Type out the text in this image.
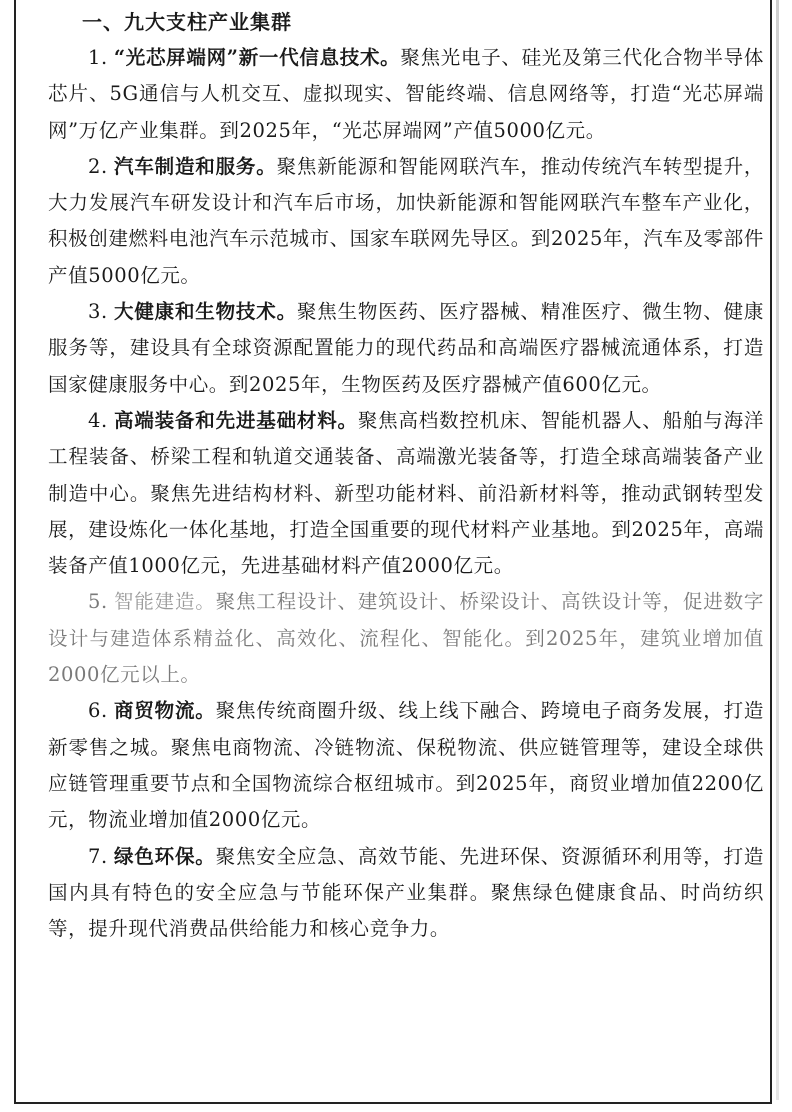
一、九大支柱产业集群

1. “光芯屏端网”新一代信息技术。聚焦光电子、硅光及第三代化合物半导体芯片、5G通信与人机交互、虚拟现实、智能终端、信息网络等，打造“光芯屏端网”万亿产业集群。到2025年，“光芯屏端网”产值5000亿元。

2. 汽车制造和服务。聚焦新能源和智能网联汽车，推动传统汽车转型提升，大力发展汽车研发设计和汽车后市场，加快新能源和智能网联汽车整车产业化，积极创建燃料电池汽车示范城市、国家车联网先导区。到2025年，汽车及零部件产值5000亿元。

3. 大健康和生物技术。聚焦生物医药、医疗器械、精准医疗、微生物、健康服务等，建设具有全球资源配置能力的现代药品和高端医疗器械流通体系，打造国家健康服务中心。到2025年，生物医药及医疗器械产值600亿元。

4. 高端装备和先进基础材料。聚焦高档数控机床、智能机器人、船舶与海洋工程装备、桥梁工程和轨道交通装备、高端激光装备等，打造全球高端装备产业制造中心。聚焦先进结构材料、新型功能材料、前沿新材料等，推动武钢转型发展，建设炼化一体化基地，打造全国重要的现代材料产业基地。到2025年，高端装备产值1000亿元，先进基础材料产值2000亿元。

5. 智能建造。聚焦工程设计、建筑设计、桥梁设计、高铁设计等，促进数字设计与建造体系精益化、高效化、流程化、智能化。到2025年，建筑业增加值2000亿元以上。

6. 商贸物流。聚焦传统商圈升级、线上线下融合、跨境电子商务发展，打造新零售之城。聚焦电商物流、冷链物流、保税物流、供应链管理等，建设全球供应链管理重要节点和全国物流综合枢纽城市。到2025年，商贸业增加值2200亿元，物流业增加值2000亿元。

7. 绿色环保。聚焦安全应急、高效节能、先进环保、资源循环利用等，打造国内具有特色的安全应急与节能环保产业集群。聚焦绿色健康食品、时尚纺织等，提升现代消费品供给能力和核心竞争力。
